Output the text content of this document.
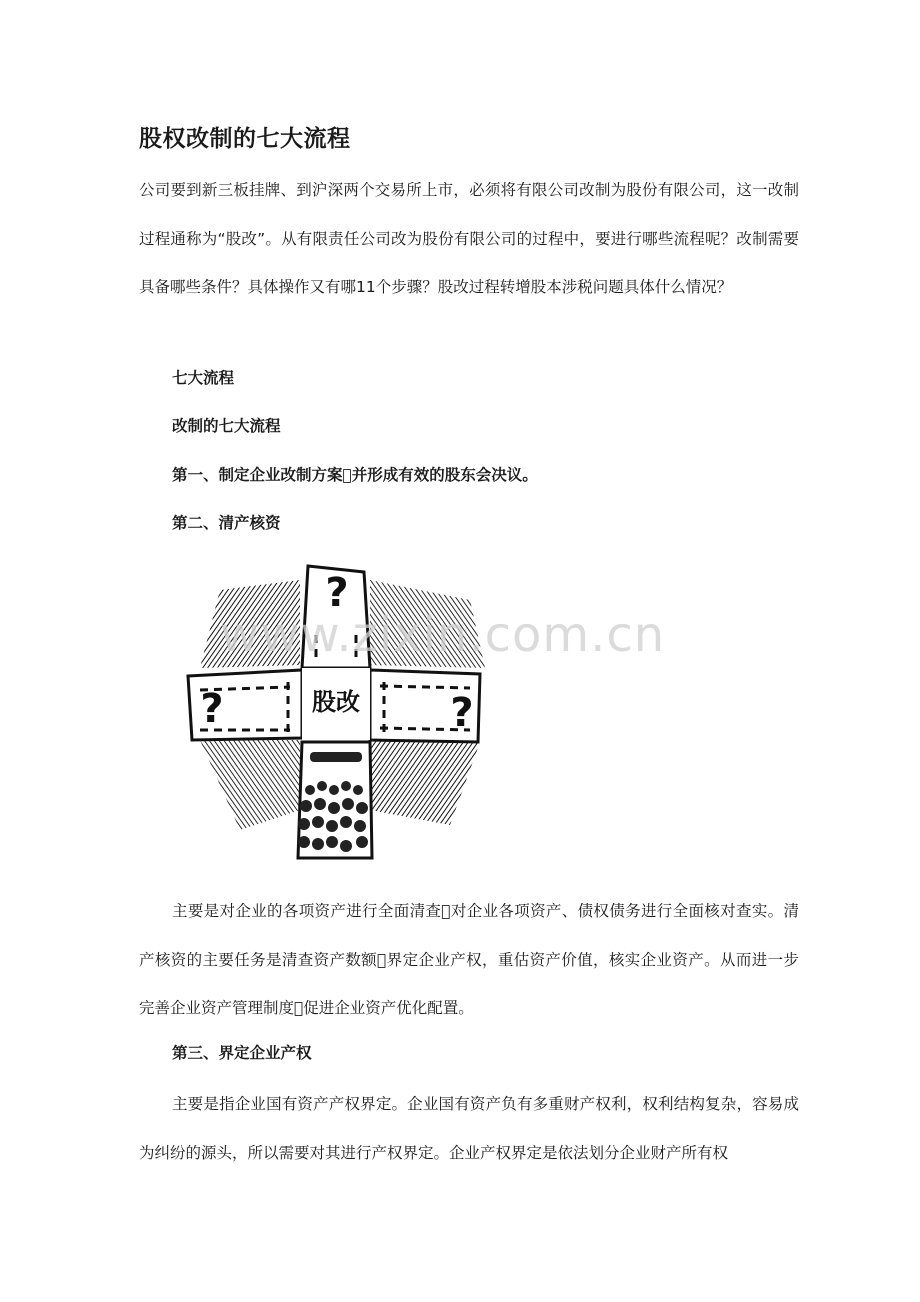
股权改制的七大流程

公司要到新三板挂牌、到沪深两个交易所上市，必须将有限公司改制为股份有限公司，这一改制过程通称为“股改”。从有限责任公司改为股份有限公司的过程中，要进行哪些流程呢？改制需要具备哪些条件？具体操作又有哪11个步骤？股改过程转增股本涉税问题具体什么情况？

七大流程

改制的七大流程

第一、制定企业改制方案 并形成有效的股东会决议。

第二、清产核资

股改
?
?	?
www.zixin.com.cn

主要是对企业的各项资产进行全面清查 对企业各项资产、债权债务进行全面核对查实。清产核资的主要任务是清查资产数额 界定企业产权，重估资产价值，核实企业资产。从而进一步完善企业资产管理制度 促进企业资产优化配置。

第三、界定企业产权

主要是指企业国有资产产权界定。企业国有资产负有多重财产权利，权利结构复杂，容易成为纠纷的源头，所以需要对其进行产权界定。企业产权界定是依法划分企业财产所有权
